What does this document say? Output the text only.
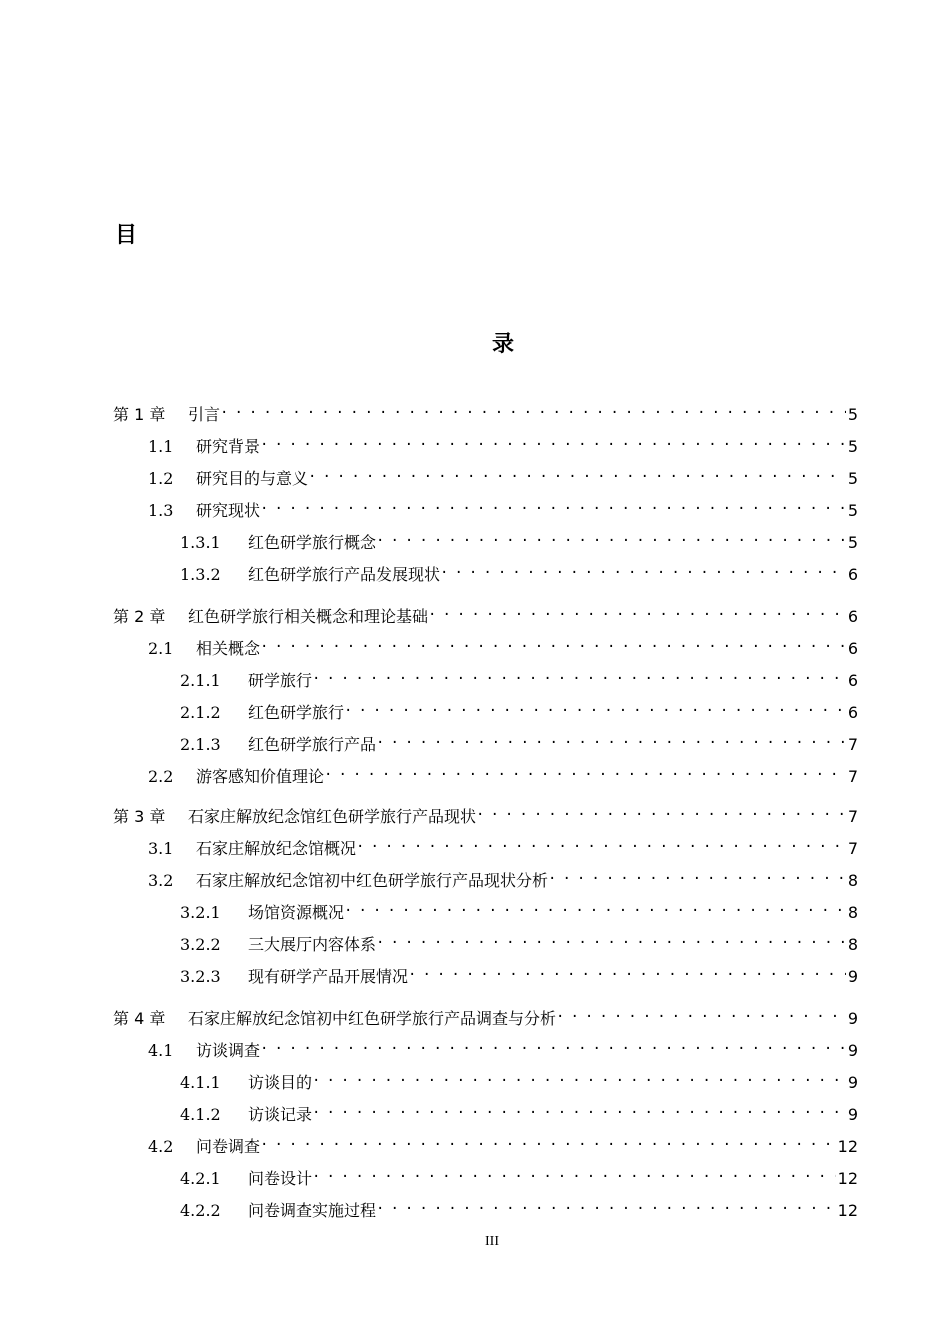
目
录
第 1 章	引言 . . .	5
1.1	研究背景 . . .	5
1.2	研究目的与意义 . . .	5
1.3	研究现状 . . .	5
1.3.1	红色研学旅行概念 . . .	5
1.3.2	红色研学旅行产品发展现状 . . .	6
第 2 章	红色研学旅行相关概念和理论基础 . . .	6
2.1	相关概念 . . .	6
2.1.1	研学旅行 . . .	6
2.1.2	红色研学旅行 . . .	6
2.1.3	红色研学旅行产品 . . .	7
2.2	游客感知价值理论 . . .	7
第 3 章	石家庄解放纪念馆红色研学旅行产品现状 . . .	7
3.1	石家庄解放纪念馆概况 . . .	7
3.2	石家庄解放纪念馆初中红色研学旅行产品现状分析 . . .	8
3.2.1	场馆资源概况 . . .	8
3.2.2	三大展厅内容体系 . . .	8
3.2.3	现有研学产品开展情况 . . .	9
第 4 章	石家庄解放纪念馆初中红色研学旅行产品调查与分析 . . .	9
4.1	访谈调查 . . .	9
4.1.1	访谈目的 . . .	9
4.1.2	访谈记录 . . .	9
4.2	问卷调查 . . .	12
4.2.1	问卷设计 . . .	12
4.2.2	问卷调查实施过程 . . .	12
III
